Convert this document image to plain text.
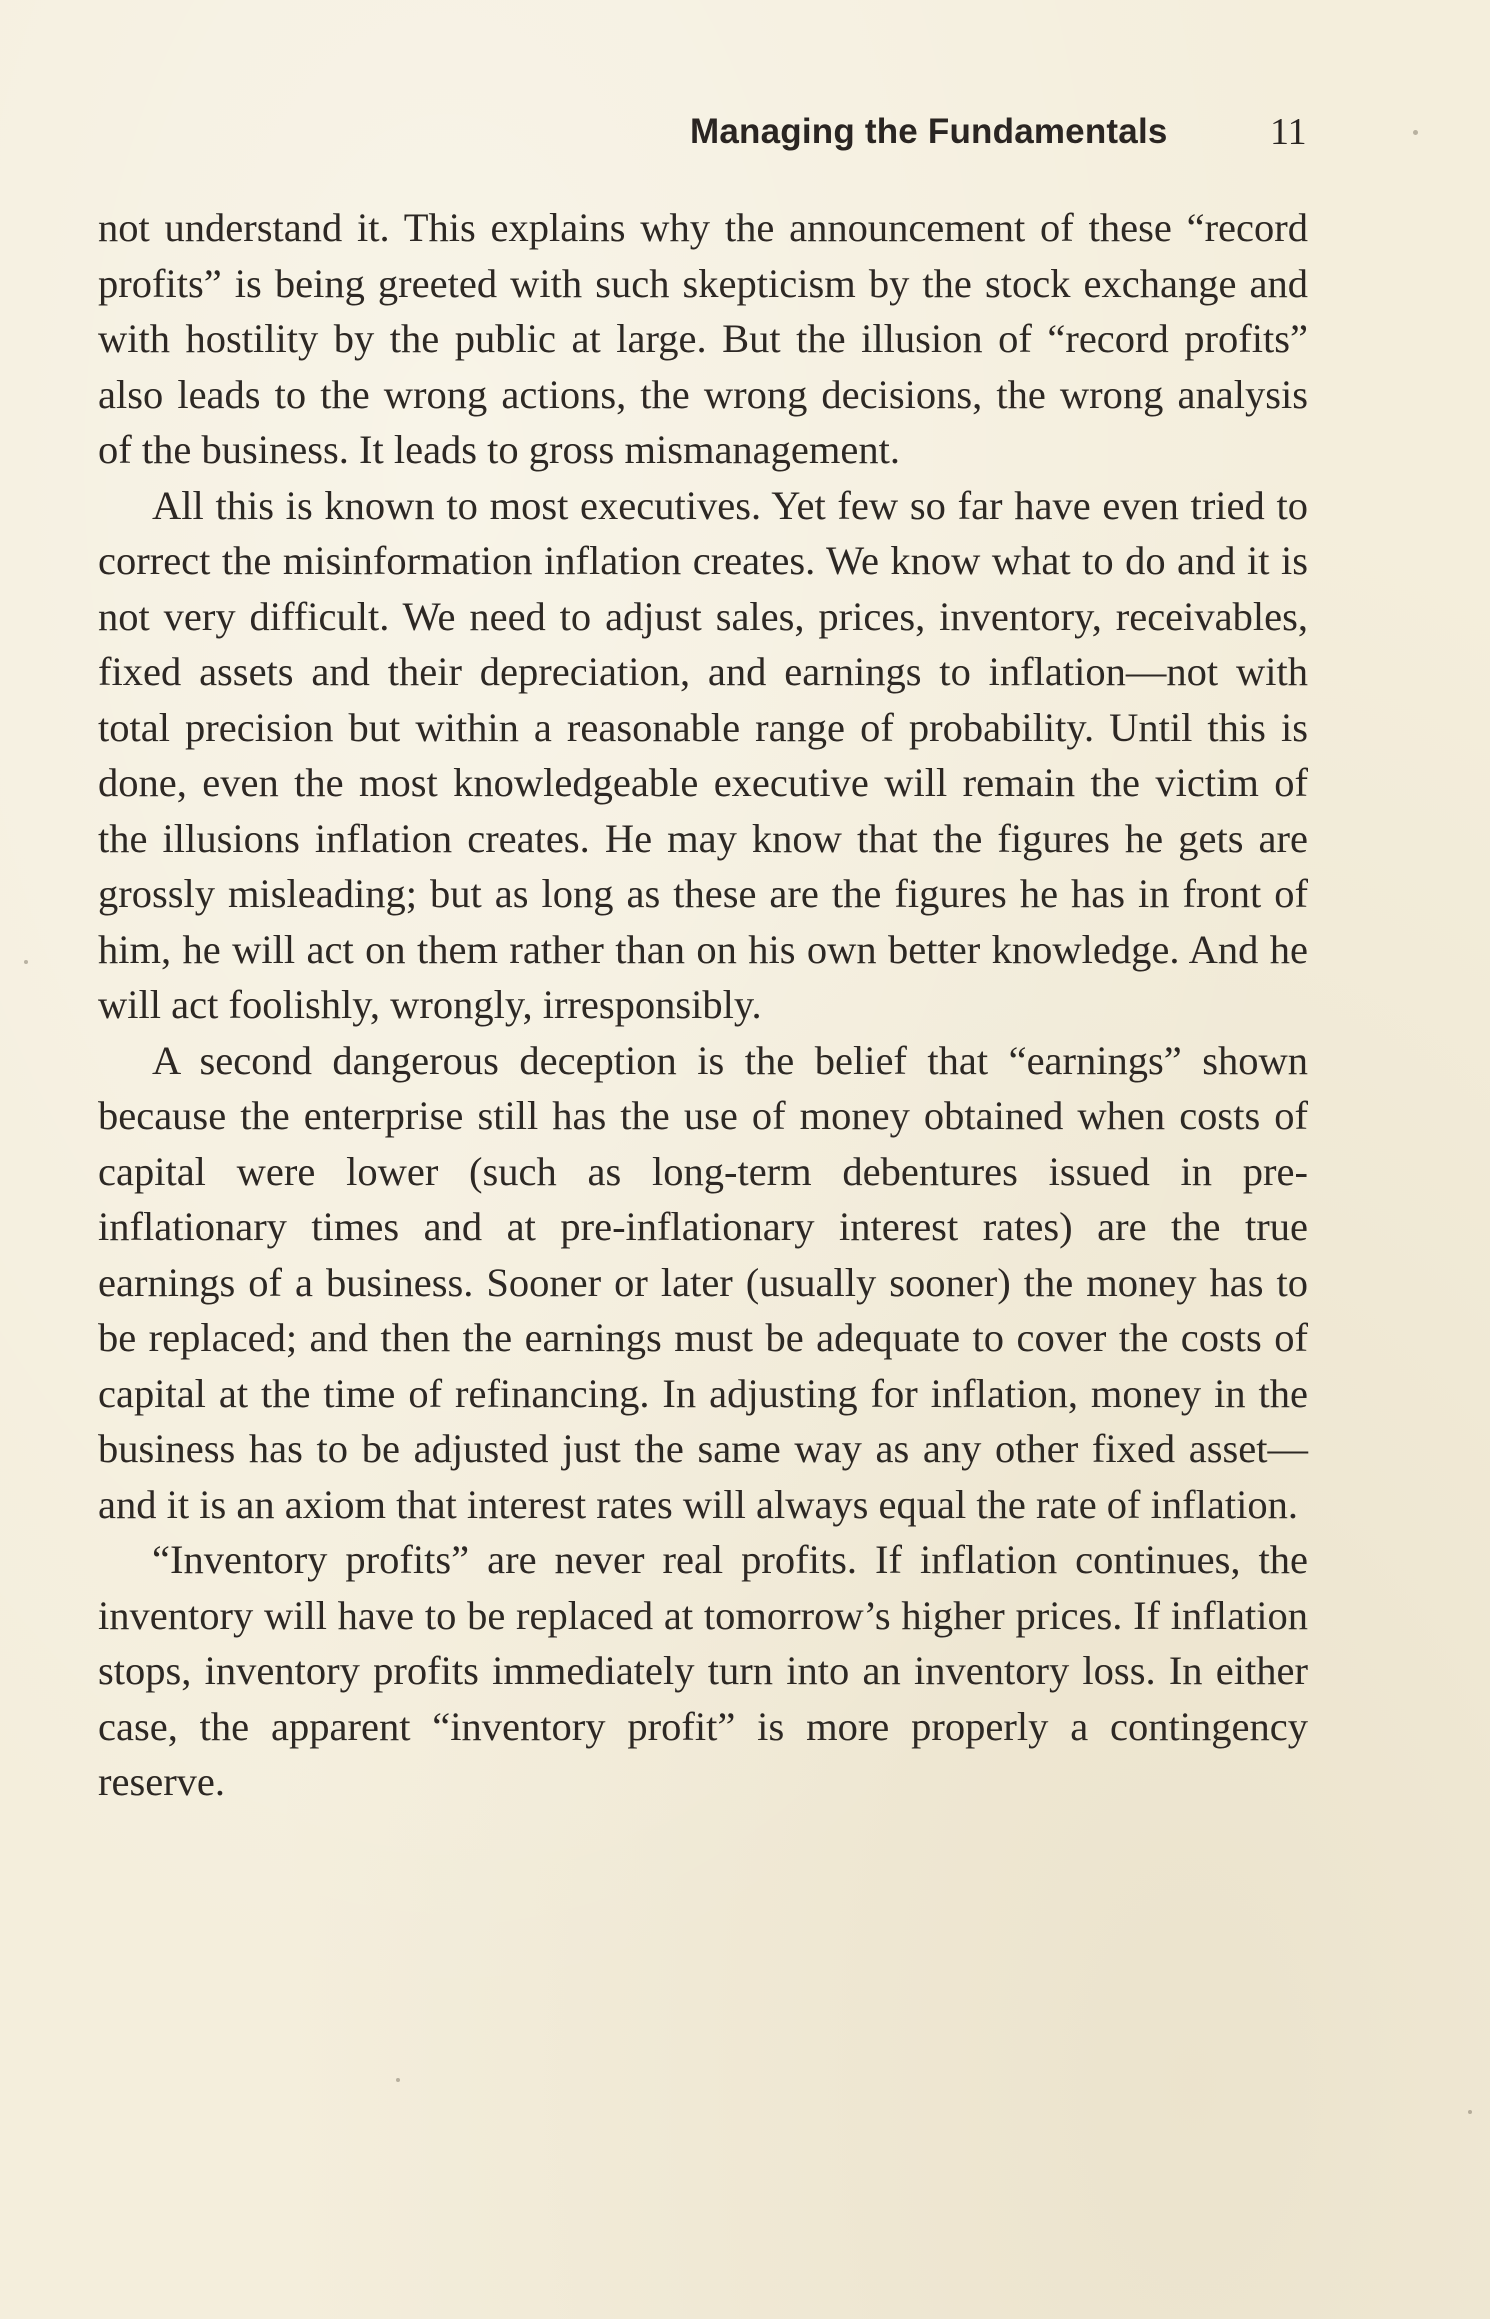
Managing the Fundamentals	11

not understand it. This explains why the announcement of these “record profits” is being greeted with such skepticism by the stock exchange and with hostility by the public at large. But the illusion of “record profits” also leads to the wrong actions, the wrong decisions, the wrong analysis of the business. It leads to gross mismanagement.

All this is known to most executives. Yet few so far have even tried to correct the misinformation inflation creates. We know what to do and it is not very difficult. We need to adjust sales, prices, inventory, receivables, fixed assets and their depreciation, and earnings to inflation—not with total precision but within a reasonable range of probability. Until this is done, even the most knowledgeable executive will remain the victim of the illusions inflation creates. He may know that the figures he gets are grossly misleading; but as long as these are the figures he has in front of him, he will act on them rather than on his own better knowledge. And he will act foolishly, wrongly, irresponsibly.

A second dangerous deception is the belief that “earnings” shown because the enterprise still has the use of money obtained when costs of capital were lower (such as long-term debentures issued in pre-inflationary times and at pre-inflationary interest rates) are the true earnings of a business. Sooner or later (usually sooner) the money has to be replaced; and then the earnings must be adequate to cover the costs of capital at the time of refinancing. In adjusting for inflation, money in the business has to be adjusted just the same way as any other fixed asset—and it is an axiom that interest rates will always equal the rate of inflation.

“Inventory profits” are never real profits. If inflation continues, the inventory will have to be replaced at tomorrow’s higher prices. If inflation stops, inventory profits immediately turn into an inventory loss. In either case, the apparent “inventory profit” is more properly a contingency reserve.
